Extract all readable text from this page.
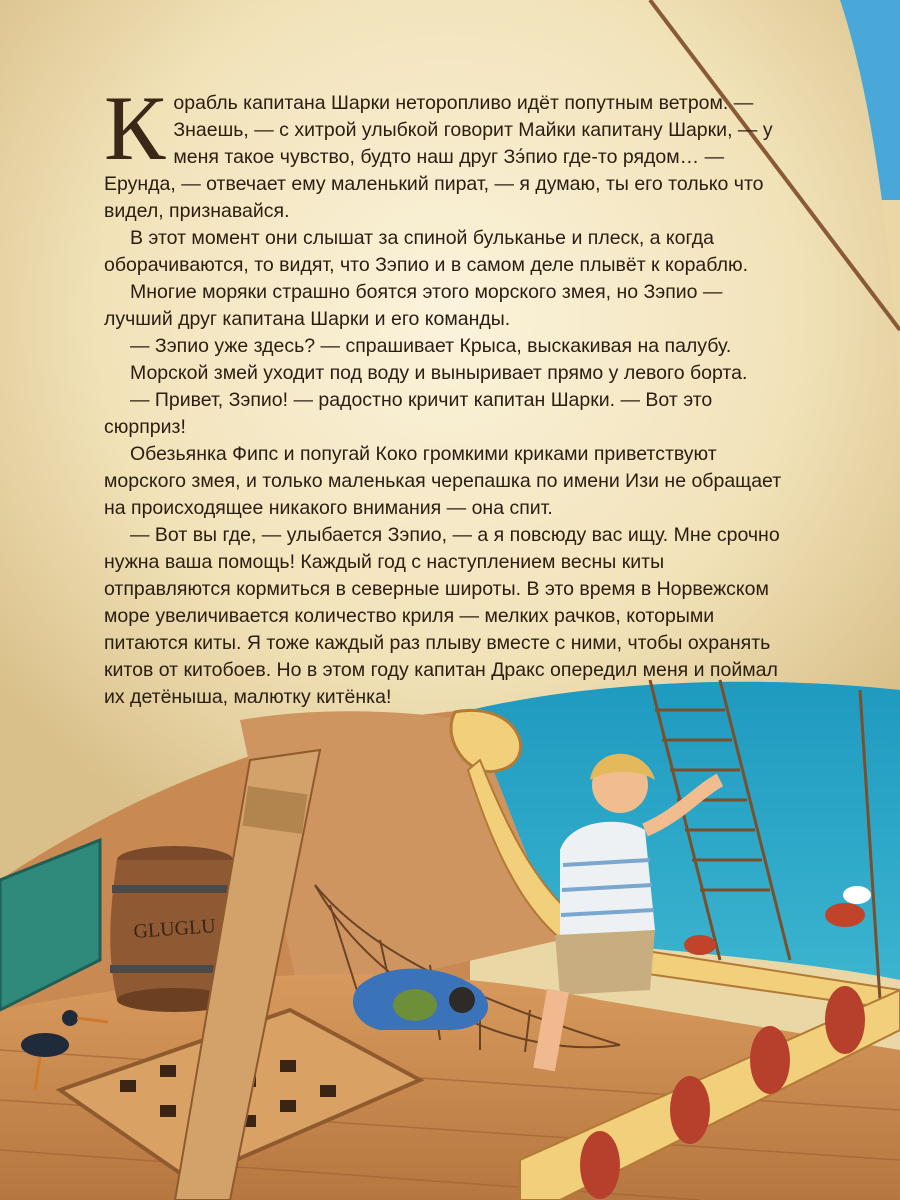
GLUGLU

Корабль капитана Шарки неторопливо идёт попутным ветром. — Знаешь, — с хитрой улыбкой говорит Майки капитану Шарки, — у меня такое чувство, будто наш друг Зэ́пио где-то рядом… — Ерунда, — отвечает ему маленький пират, — я думаю, ты его только что видел, признавайся.

В этот момент они слышат за спиной бульканье и плеск, а когда оборачиваются, то видят, что Зэпио и в самом деле плывёт к кораблю.

Многие моряки страшно боятся этого морского змея, но Зэпио — лучший друг капитана Шарки и его команды.

— Зэпио уже здесь? — спрашивает Крыса, выскакивая на палубу.

Морской змей уходит под воду и выныривает прямо у левого борта.

— Привет, Зэпио! — радостно кричит капитан Шарки. — Вот это сюрприз!

Обезьянка Фипс и попугай Коко громкими криками приветствуют морского змея, и только маленькая черепашка по имени Изи не обращает на происходящее никакого внимания — она спит.

— Вот вы где, — улыбается Зэпио, — а я повсюду вас ищу. Мне срочно нужна ваша помощь! Каждый год с наступлением весны киты отправляются кормиться в северные широты. В это время в Норвежском море увеличивается количество криля — мелких рачков, которыми питаются киты. Я тоже каждый раз плыву вместе с ними, чтобы охранять китов от китобоев. Но в этом году капитан Дракс опередил меня и поймал их детёныша, малютку китёнка!
